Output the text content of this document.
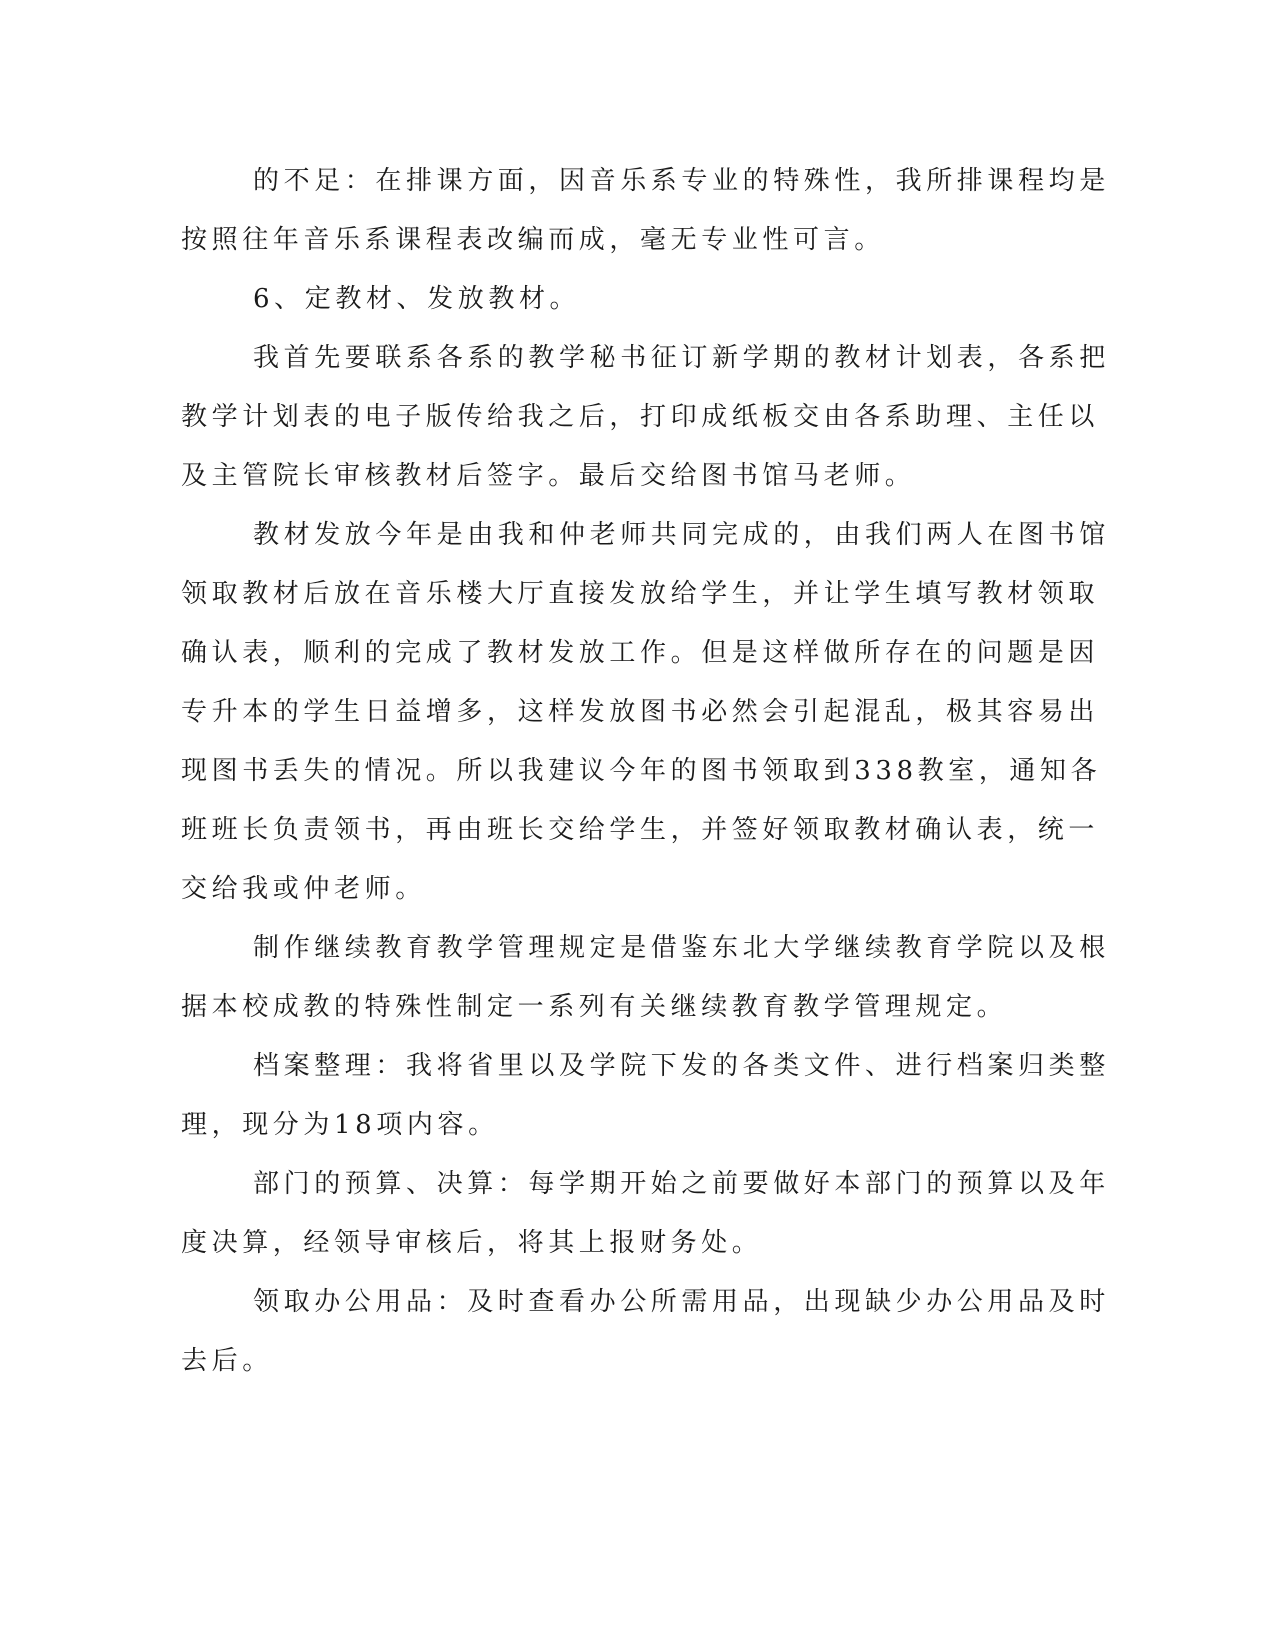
的不足：在排课方面，因音乐系专业的特殊性，我所排课程均是
按照往年音乐系课程表改编而成，毫无专业性可言。
6、定教材、发放教材。
我首先要联系各系的教学秘书征订新学期的教材计划表，各系把
教学计划表的电子版传给我之后，打印成纸板交由各系助理、主任以
及主管院长审核教材后签字。最后交给图书馆马老师。
教材发放今年是由我和仲老师共同完成的，由我们两人在图书馆
领取教材后放在音乐楼大厅直接发放给学生，并让学生填写教材领取
确认表，顺利的完成了教材发放工作。但是这样做所存在的问题是因
专升本的学生日益增多，这样发放图书必然会引起混乱，极其容易出
现图书丢失的情况。所以我建议今年的图书领取到338教室，通知各
班班长负责领书，再由班长交给学生，并签好领取教材确认表，统一
交给我或仲老师。
制作继续教育教学管理规定是借鉴东北大学继续教育学院以及根
据本校成教的特殊性制定一系列有关继续教育教学管理规定。
档案整理：我将省里以及学院下发的各类文件、进行档案归类整
理，现分为18项内容。
部门的预算、决算：每学期开始之前要做好本部门的预算以及年
度决算，经领导审核后，将其上报财务处。
领取办公用品：及时查看办公所需用品，出现缺少办公用品及时
去后。
